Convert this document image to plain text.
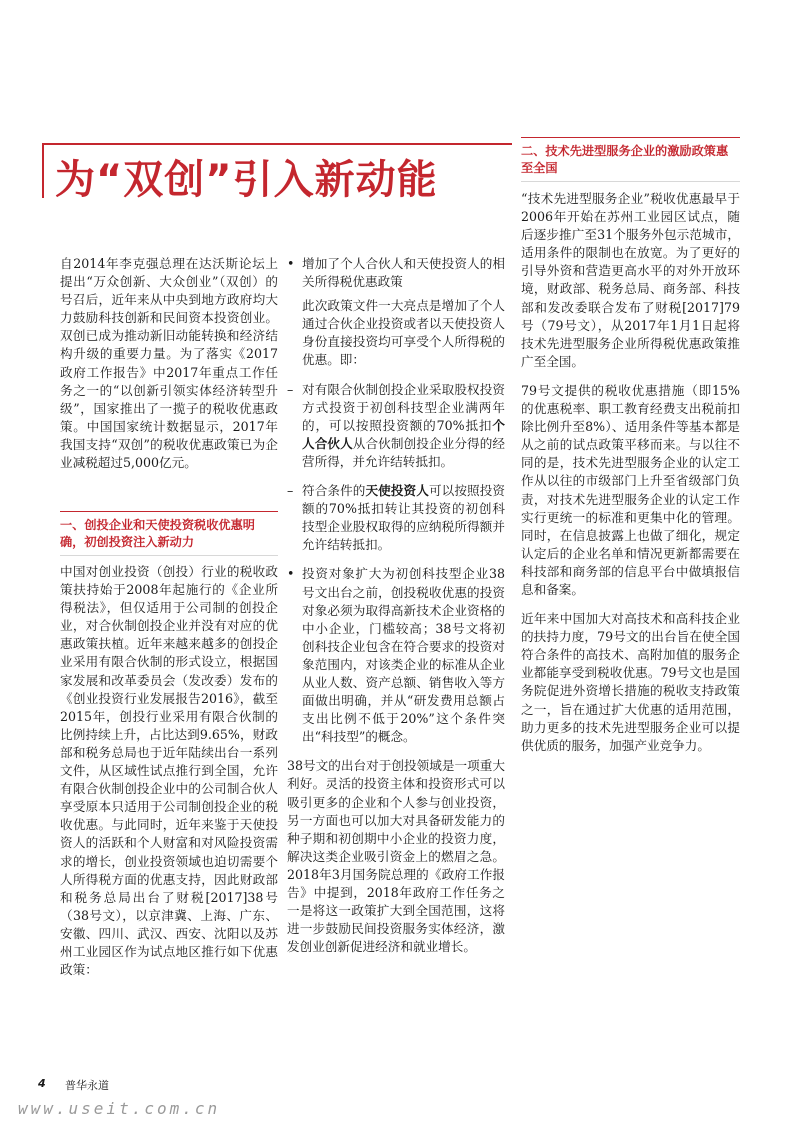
为“双创”引入新动能

自2014年李克强总理在达沃斯论坛上提出“万众创新、大众创业”（双创）的号召后，近年来从中央到地方政府均大力鼓励科技创新和民间资本投资创业。双创已成为推动新旧动能转换和经济结构升级的重要力量。为了落实《2017政府工作报告》中2017年重点工作任务之一的“以创新引领实体经济转型升级”，国家推出了一揽子的税收优惠政策。中国国家统计数据显示，2017年我国支持“双创”的税收优惠政策已为企业减税超过5,000亿元。

一、创投企业和天使投资税收优惠明确，初创投资注入新动力

中国对创业投资（创投）行业的税收政策扶持始于2008年起施行的《企业所得税法》，但仅适用于公司制的创投企业，对合伙制创投企业并没有对应的优惠政策扶植。近年来越来越多的创投企业采用有限合伙制的形式设立，根据国家发展和改革委员会（发改委）发布的《创业投资行业发展报告2016》，截至2015年，创投行业采用有限合伙制的比例持续上升，占比达到9.65%，财政部和税务总局也于近年陆续出台一系列文件，从区域性试点推行到全国，允许有限合伙制创投企业中的公司制合伙人享受原本只适用于公司制创投企业的税收优惠。与此同时，近年来鉴于天使投资人的活跃和个人财富和对风险投资需求的增长，创业投资领域也迫切需要个人所得税方面的优惠支持，因此财政部和税务总局出台了财税[2017]38号（38号文），以京津冀、上海、广东、安徽、四川、武汉、西安、沈阳以及苏州工业园区作为试点地区推行如下优惠政策：

• 增加了个人合伙人和天使投资人的相关所得税优惠政策

此次政策文件一大亮点是增加了个人通过合伙企业投资或者以天使投资人身份直接投资均可享受个人所得税的优惠。即：

– 对有限合伙制创投企业采取股权投资方式投资于初创科技型企业满两年的，可以按照投资额的70%抵扣个人合伙人从合伙制创投企业分得的经营所得，并允许结转抵扣。
– 符合条件的天使投资人可以按照投资额的70%抵扣转让其投资的初创科技型企业股权取得的应纳税所得额并允许结转抵扣。
• 投资对象扩大为初创科技型企业38号文出台之前，创投税收优惠的投资对象必须为取得高新技术企业资格的中小企业，门槛较高；38号文将初创科技企业包含在符合要求的投资对象范围内，对该类企业的标准从企业从业人数、资产总额、销售收入等方面做出明确，并从“研发费用总额占支出比例不低于20%”这个条件突出“科技型”的概念。

38号文的出台对于创投领域是一项重大利好。灵活的投资主体和投资形式可以吸引更多的企业和个人参与创业投资，另一方面也可以加大对具备研发能力的种子期和初创期中小企业的投资力度，解决这类企业吸引资金上的燃眉之急。2018年3月国务院总理的《政府工作报告》中提到，2018年政府工作任务之一是将这一政策扩大到全国范围，这将进一步鼓励民间投资服务实体经济，激发创业创新促进经济和就业增长。

二、技术先进型服务企业的激励政策惠至全国

“技术先进型服务企业”税收优惠最早于2006年开始在苏州工业园区试点，随后逐步推广至31个服务外包示范城市，适用条件的限制也在放宽。为了更好的引导外资和营造更高水平的对外开放环境，财政部、税务总局、商务部、科技部和发改委联合发布了财税[2017]79号（79号文），从2017年1月1日起将技术先进型服务企业所得税优惠政策推广至全国。

79号文提供的税收优惠措施（即15%的优惠税率、职工教育经费支出税前扣除比例升至8%）、适用条件等基本都是从之前的试点政策平移而来。与以往不同的是，技术先进型服务企业的认定工作从以往的市级部门上升至省级部门负责，对技术先进型服务企业的认定工作实行更统一的标准和更集中化的管理。同时，在信息披露上也做了细化，规定认定后的企业名单和情况更新都需要在科技部和商务部的信息平台中做填报信息和备案。

近年来中国加大对高技术和高科技企业的扶持力度，79号文的出台旨在使全国符合条件的高技术、高附加值的服务企业都能享受到税收优惠。79号文也是国务院促进外资增长措施的税收支持政策之一，旨在通过扩大优惠的适用范围，助力更多的技术先进型服务企业可以提供优质的服务，加强产业竞争力。

4 普华永道
www.useit.com.cn
